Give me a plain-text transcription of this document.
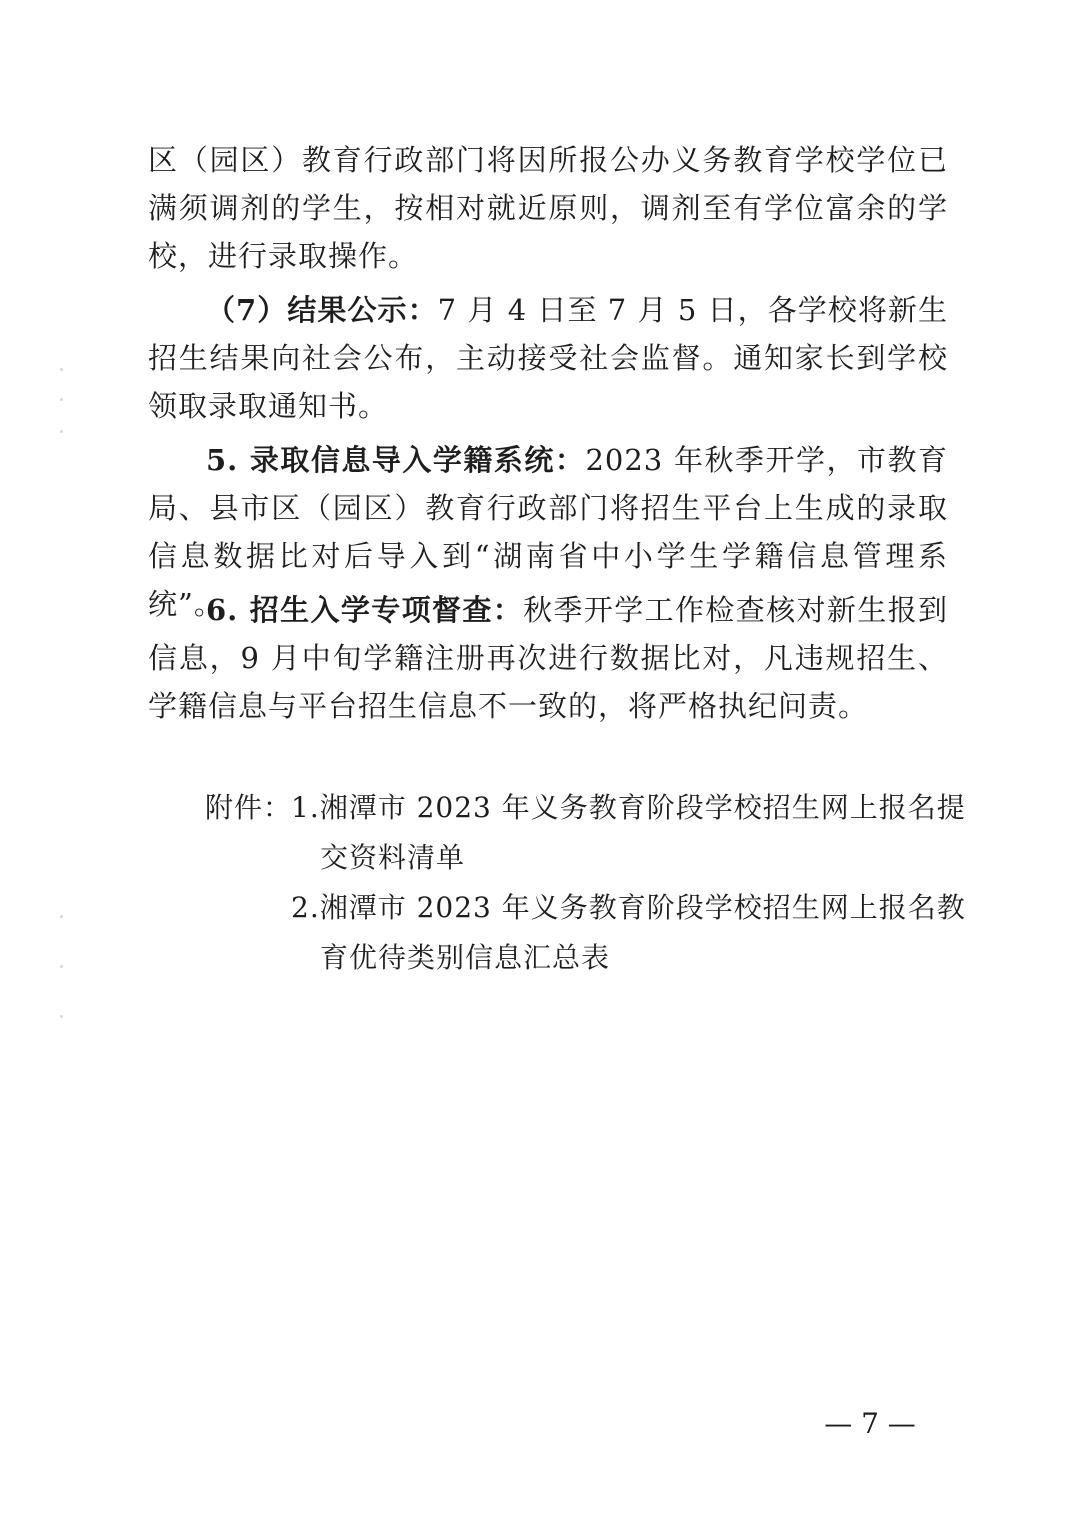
区（园区）教育行政部门将因所报公办义务教育学校学位已满须调剂的学生，按相对就近原则，调剂至有学位富余的学校，进行录取操作。

（7）结果公示：7 月 4 日至 7 月 5 日，各学校将新生招生结果向社会公布，主动接受社会监督。通知家长到学校领取录取通知书。

5. 录取信息导入学籍系统：2023 年秋季开学，市教育局、县市区（园区）教育行政部门将招生平台上生成的录取信息数据比对后导入到“湖南省中小学生学籍信息管理系统”。

6. 招生入学专项督查：秋季开学工作检查核对新生报到信息，9 月中旬学籍注册再次进行数据比对，凡违规招生、学籍信息与平台招生信息不一致的，将严格执纪问责。

附件：

1.湘潭市 2023 年义务教育阶段学校招生网上报名提

交资料清单

2.湘潭市 2023 年义务教育阶段学校招生网上报名教

育优待类别信息汇总表

— 7 —
